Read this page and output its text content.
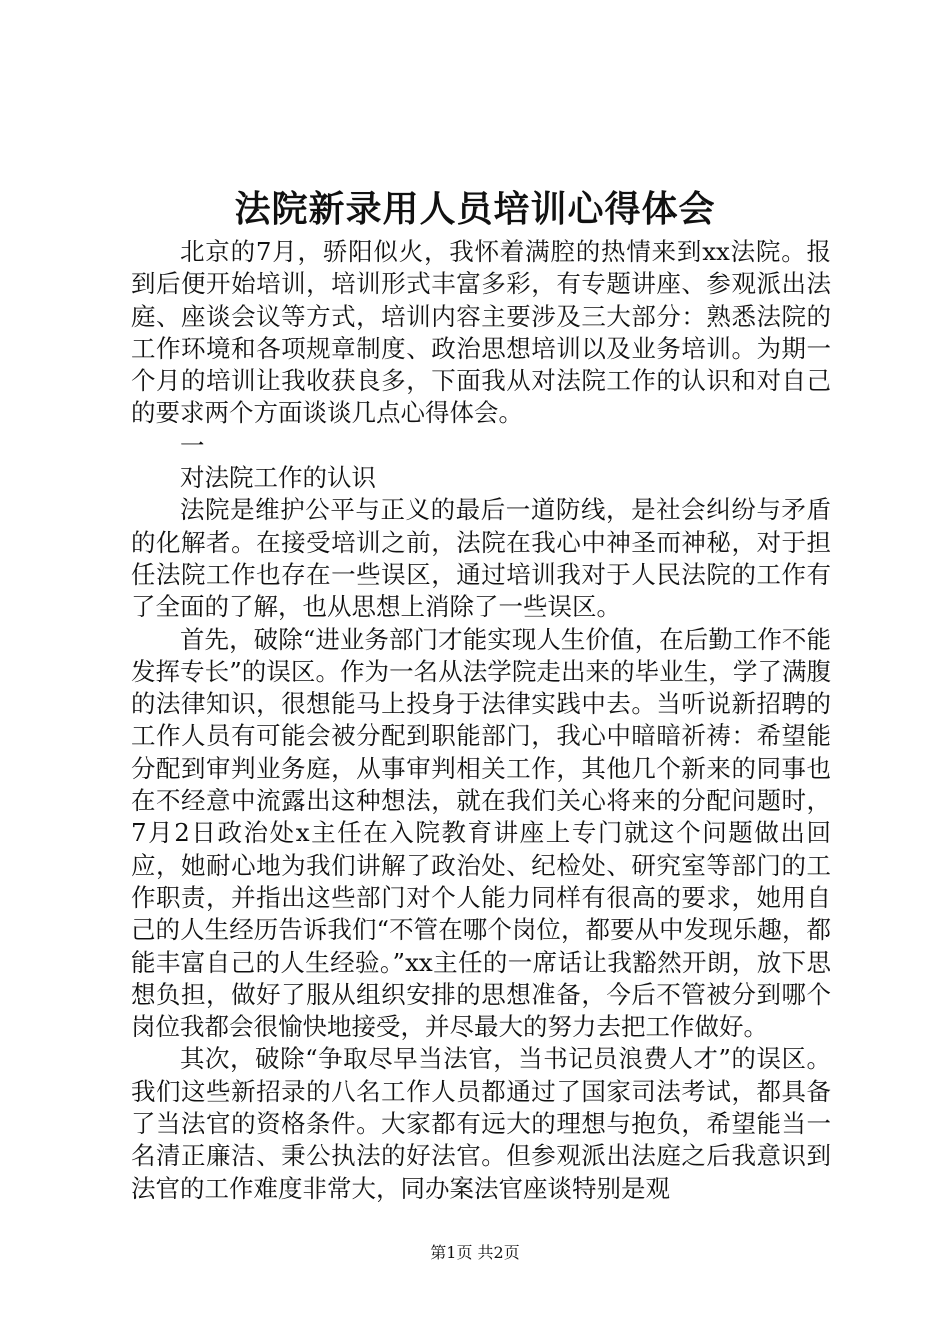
法院新录用人员培训心得体会

北京的7月，骄阳似火，我怀着满腔的热情来到xx法院。报到后便开始培训，培训形式丰富多彩，有专题讲座、参观派出法庭、座谈会议等方式，培训内容主要涉及三大部分：熟悉法院的工作环境和各项规章制度、政治思想培训以及业务培训。为期一个月的培训让我收获良多，下面我从对法院工作的认识和对自己的要求两个方面谈谈几点心得体会。

一

对法院工作的认识

法院是维护公平与正义的最后一道防线，是社会纠纷与矛盾的化解者。在接受培训之前，法院在我心中神圣而神秘，对于担任法院工作也存在一些误区，通过培训我对于人民法院的工作有了全面的了解，也从思想上消除了一些误区。

首先，破除“进业务部门才能实现人生价值，在后勤工作不能发挥专长”的误区。作为一名从法学院走出来的毕业生，学了满腹的法律知识，很想能马上投身于法律实践中去。当听说新招聘的工作人员有可能会被分配到职能部门，我心中暗暗祈祷：希望能分配到审判业务庭，从事审判相关工作，其他几个新来的同事也在不经意中流露出这种想法，就在我们关心将来的分配问题时，7月2日政治处x主任在入院教育讲座上专门就这个问题做出回应，她耐心地为我们讲解了政治处、纪检处、研究室等部门的工作职责，并指出这些部门对个人能力同样有很高的要求，她用自己的人生经历告诉我们“不管在哪个岗位，都要从中发现乐趣，都能丰富自己的人生经验。”xx主任的一席话让我豁然开朗，放下思想负担，做好了服从组织安排的思想准备，今后不管被分到哪个岗位我都会很愉快地接受，并尽最大的努力去把工作做好。

其次，破除“争取尽早当法官，当书记员浪费人才”的误区。我们这些新招录的八名工作人员都通过了国家司法考试，都具备了当法官的资格条件。大家都有远大的理想与抱负，希望能当一名清正廉洁、秉公执法的好法官。但参观派出法庭之后我意识到法官的工作难度非常大，同办案法官座谈特别是观

第1页 共2页
